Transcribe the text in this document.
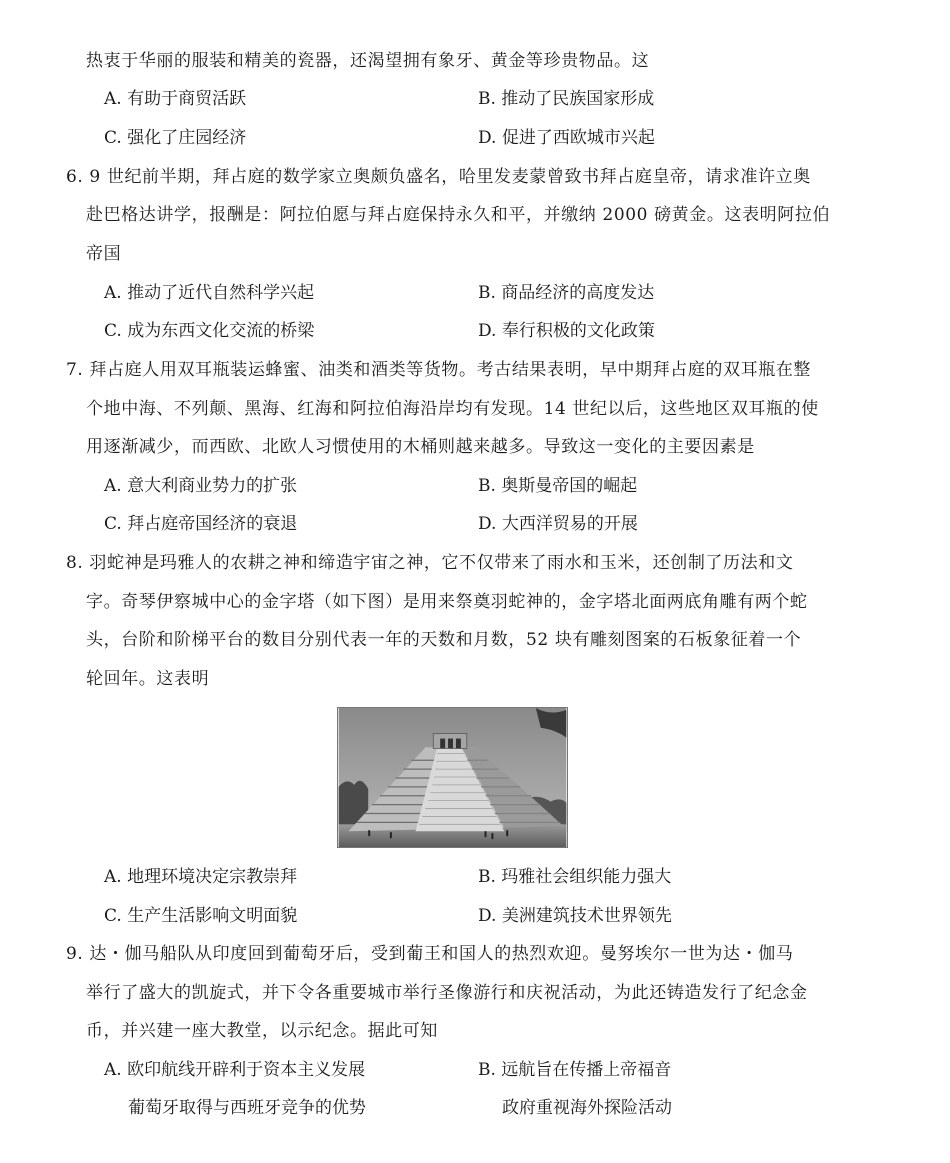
热衷于华丽的服装和精美的瓷器，还渴望拥有象牙、黄金等珍贵物品。这
A. 有助于商贸活跃	B. 推动了民族国家形成
C. 强化了庄园经济	D. 促进了西欧城市兴起
6. 9 世纪前半期，拜占庭的数学家立奥颇负盛名，哈里发麦蒙曾致书拜占庭皇帝，请求准许立奥
赴巴格达讲学，报酬是：阿拉伯愿与拜占庭保持永久和平，并缴纳 2000 磅黄金。这表明阿拉伯
帝国
A. 推动了近代自然科学兴起	B. 商品经济的高度发达
C. 成为东西文化交流的桥梁	D. 奉行积极的文化政策
7. 拜占庭人用双耳瓶装运蜂蜜、油类和酒类等货物。考古结果表明，早中期拜占庭的双耳瓶在整
个地中海、不列颠、黑海、红海和阿拉伯海沿岸均有发现。14 世纪以后，这些地区双耳瓶的使
用逐渐减少，而西欧、北欧人习惯使用的木桶则越来越多。导致这一变化的主要因素是
A. 意大利商业势力的扩张	B. 奥斯曼帝国的崛起
C. 拜占庭帝国经济的衰退	D. 大西洋贸易的开展
8. 羽蛇神是玛雅人的农耕之神和缔造宇宙之神，它不仅带来了雨水和玉米，还创制了历法和文
字。奇琴伊察城中心的金字塔（如下图）是用来祭奠羽蛇神的，金字塔北面两底角雕有两个蛇
头，台阶和阶梯平台的数目分别代表一年的天数和月数，52 块有雕刻图案的石板象征着一个
轮回年。这表明
A. 地理环境决定宗教崇拜	B. 玛雅社会组织能力强大
C. 生产生活影响文明面貌	D. 美洲建筑技术世界领先
9. 达・伽马船队从印度回到葡萄牙后，受到葡王和国人的热烈欢迎。曼努埃尔一世为达・伽马
举行了盛大的凯旋式，并下令各重要城市举行圣像游行和庆祝活动，为此还铸造发行了纪念金
币，并兴建一座大教堂，以示纪念。据此可知
A. 欧印航线开辟利于资本主义发展	B. 远航旨在传播上帝福音
葡萄牙取得与西班牙竞争的优势	政府重视海外探险活动
